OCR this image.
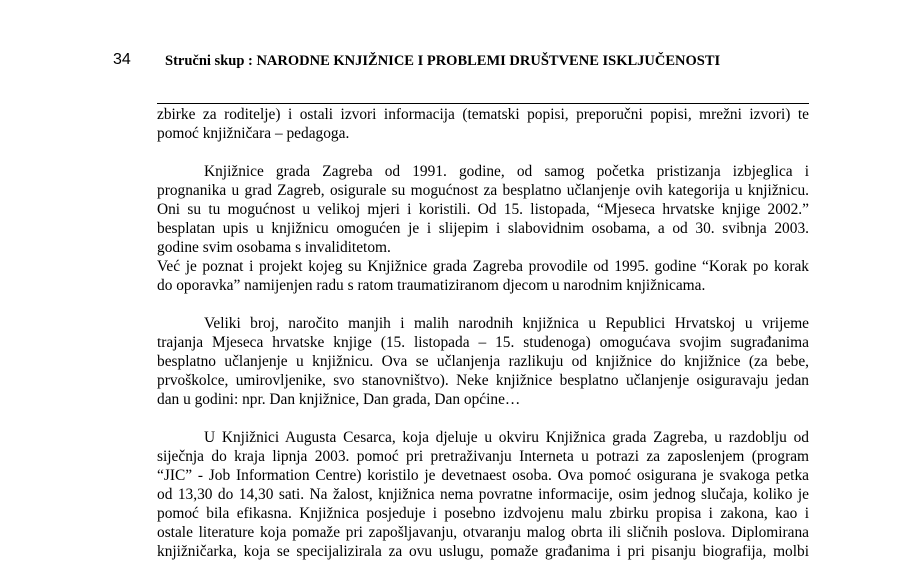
34 Stručni skup : NARODNE KNJIŽNICE I PROBLEMI DRUŠTVENE ISKLJUČENOSTI

zbirke za roditelje) i ostali izvori informacija (tematski popisi, preporučni popisi, mrežni izvori) te
pomoć knjižničara – pedagoga.

Knjižnice grada Zagreba od 1991. godine, od samog početka pristizanja izbjeglica i
prognanika u grad Zagreb, osigurale su mogućnost za besplatno učlanjenje ovih kategorija u knjižnicu.
Oni su tu mogućnost u velikoj mjeri i koristili. Od 15. listopada, “Mjeseca hrvatske knjige 2002.”
besplatan upis u knjižnicu omogućen je i slijepim i slabovidnim osobama, a od 30. svibnja 2003.
godine svim osobama s invaliditetom.

Već je poznat i projekt kojeg su Knjižnice grada Zagreba provodile od 1995. godine “Korak po korak
do oporavka” namijenjen radu s ratom traumatiziranom djecom u narodnim knjižnicama.

Veliki broj, naročito manjih i malih narodnih knjižnica u Republici Hrvatskoj u vrijeme
trajanja Mjeseca hrvatske knjige (15. listopada – 15. studenoga) omogućava svojim sugrađanima
besplatno učlanjenje u knjižnicu. Ova se učlanjenja razlikuju od knjižnice do knjižnice (za bebe,
prvoškolce, umirovljenike, svo stanovništvo). Neke knjižnice besplatno učlanjenje osiguravaju jedan
dan u godini: npr. Dan knjižnice, Dan grada, Dan općine…

U Knjižnici Augusta Cesarca, koja djeluje u okviru Knjižnica grada Zagreba, u razdoblju od
siječnja do kraja lipnja 2003. pomoć pri pretraživanju Interneta u potrazi za zaposlenjem (program
“JIC” - Job Information Centre) koristilo je devetnaest osoba. Ova pomoć osigurana je svakoga petka
od 13,30 do 14,30 sati. Na žalost, knjižnica nema povratne informacije, osim jednog slučaja, koliko je
pomoć bila efikasna. Knjižnica posjeduje i posebno izdvojenu malu zbirku propisa i zakona, kao i
ostale literature koja pomaže pri zapošljavanju, otvaranju malog obrta ili sličnih poslova. Diplomirana
knjižničarka, koja se specijalizirala za ovu uslugu, pomaže građanima i pri pisanju biografija, molbi
